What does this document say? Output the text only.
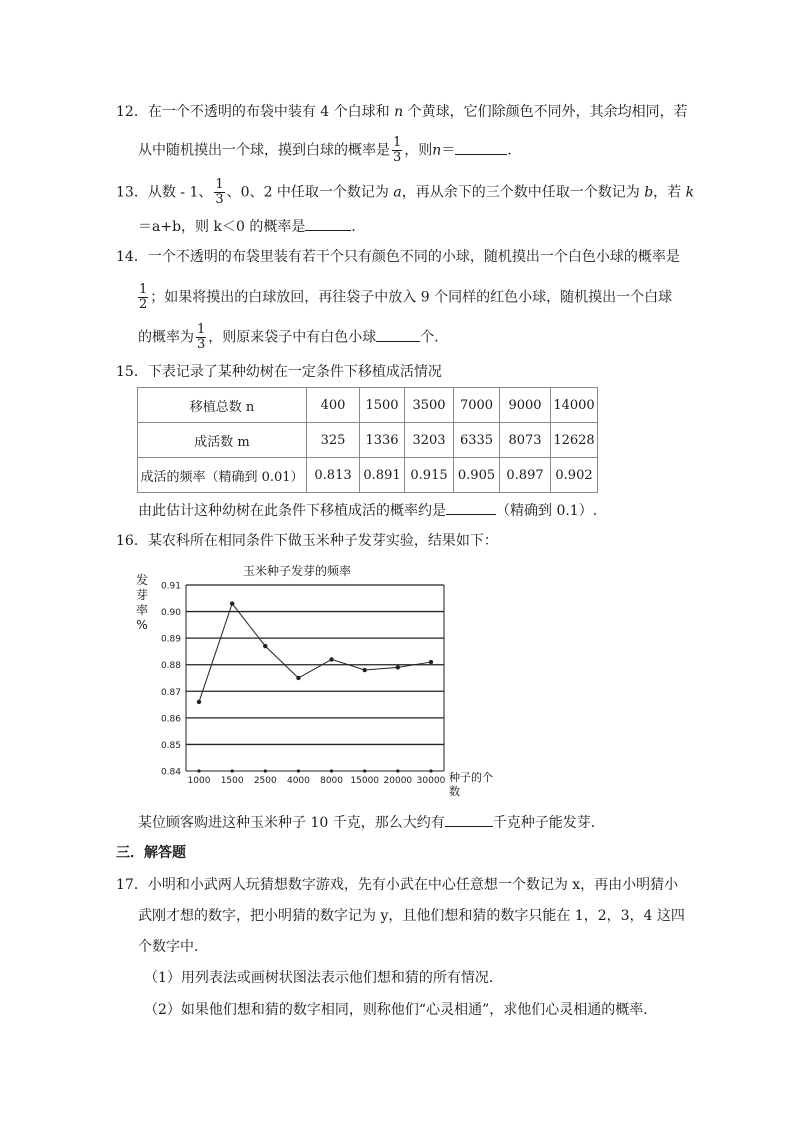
12．在一个不透明的布袋中装有 4 个白球和 n 个黄球，它们除颜色不同外，其余均相同，若
从中随机摸出一个球，摸到白球的概率是 $\frac{1}{3}$ ，则n＝	．
13．从数 - 1、 $\frac{1}{3}$ 、0、2 中任取一个数记为 a，再从余下的三个数中任取一个数记为 b，若 k
＝a+b，则 k＜0 的概率是	．
14．一个不透明的布袋里装有若干个只有颜色不同的小球，随机摸出一个白色小球的概率是
$\frac{1}{2}$ ；如果将摸出的白球放回，再往袋子中放入 9 个同样的红色小球，随机摸出一个白球
的概率为 $\frac{1}{3}$ ，则原来袋子中有白色小球	个．
15．下表记录了某种幼树在一定条件下移植成活情况
移植总数 n	400	1500	3500	7000	9000	14000
成活数 m	325	1336	3203	6335	8073	12628
成活的频率（精确到 0.01）	0.813	0.891	0.915	0.905	0.897	0.902
由此估计这种幼树在此条件下移植成活的概率约是	（精确到 0.1）.
16．某农科所在相同条件下做玉米种子发芽实验，结果如下：
0.84
0.85
0.86
0.87
0.88
0.89
0.90
0.91
1000 1500 2500 4000 8000 15000 20000 30000
玉米种子发芽的频率
发
芽
率
%
种子的个
数
某位顾客购进这种玉米种子 10 千克，那么大约有	千克种子能发芽．
三．解答题
17．小明和小武两人玩猜想数字游戏，先有小武在中心任意想一个数记为 x，再由小明猜小
武刚才想的数字，把小明猜的数字记为 y，且他们想和猜的数字只能在 1，2，3，4 这四
个数字中．
（1）用列表法或画树状图法表示他们想和猜的所有情况．
（2）如果他们想和猜的数字相同，则称他们“心灵相通”，求他们心灵相通的概率．
